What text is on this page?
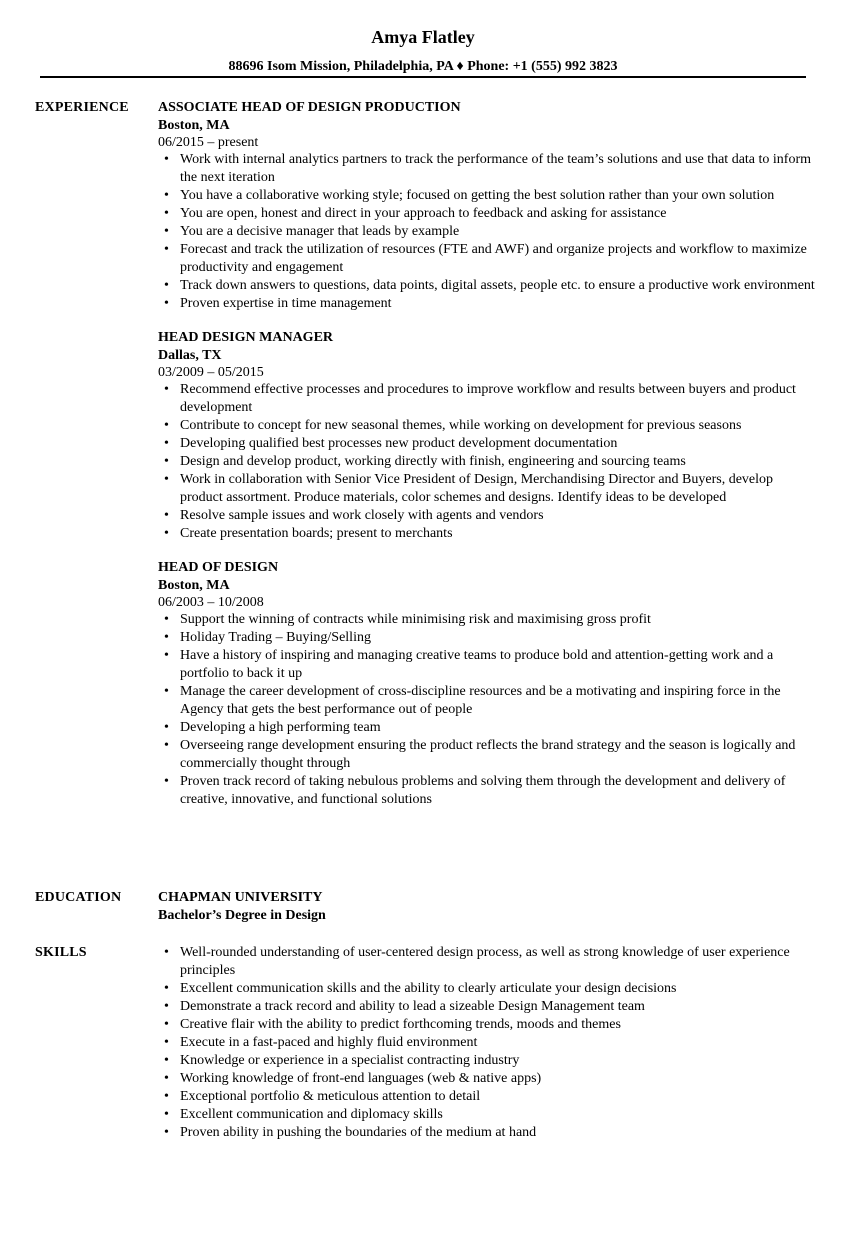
Amya Flatley
88696 Isom Mission, Philadelphia, PA ♦ Phone: +1 (555) 992 3823
EXPERIENCE ASSOCIATE HEAD OF DESIGN PRODUCTION
Boston, MA
06/2015 – present
• Work with internal analytics partners to track the performance of the team’s solutions and use that data to inform the next iteration
• You have a collaborative working style; focused on getting the best solution rather than your own solution
• You are open, honest and direct in your approach to feedback and asking for assistance
• You are a decisive manager that leads by example
• Forecast and track the utilization of resources (FTE and AWF) and organize projects and workflow to maximize productivity and engagement
• Track down answers to questions, data points, digital assets, people etc. to ensure a productive work environment
• Proven expertise in time management
HEAD DESIGN MANAGER
Dallas, TX
03/2009 – 05/2015
• Recommend effective processes and procedures to improve workflow and results between buyers and product development
• Contribute to concept for new seasonal themes, while working on development for previous seasons
• Developing qualified best processes new product development documentation
• Design and develop product, working directly with finish, engineering and sourcing teams
• Work in collaboration with Senior Vice President of Design, Merchandising Director and Buyers, develop product assortment. Produce materials, color schemes and designs. Identify ideas to be developed
• Resolve sample issues and work closely with agents and vendors
• Create presentation boards; present to merchants
HEAD OF DESIGN
Boston, MA
06/2003 – 10/2008
• Support the winning of contracts while minimising risk and maximising gross profit
• Holiday Trading – Buying/Selling
• Have a history of inspiring and managing creative teams to produce bold and attention-getting work and a portfolio to back it up
• Manage the career development of cross-discipline resources and be a motivating and inspiring force in the Agency that gets the best performance out of people
• Developing a high performing team
• Overseeing range development ensuring the product reflects the brand strategy and the season is logically and commercially thought through
• Proven track record of taking nebulous problems and solving them through the development and delivery of creative, innovative, and functional solutions
EDUCATION	CHAPMAN UNIVERSITY
Bachelor’s Degree in Design
SKILLS
•	Well-rounded understanding of user-centered design process, as well as strong knowledge of user experience principles
• Excellent communication skills and the ability to clearly articulate your design decisions
• Demonstrate a track record and ability to lead a sizeable Design Management team
• Creative flair with the ability to predict forthcoming trends, moods and themes
• Execute in a fast-paced and highly fluid environment
• Knowledge or experience in a specialist contracting industry
• Working knowledge of front-end languages (web & native apps)
• Exceptional portfolio & meticulous attention to detail
• Excellent communication and diplomacy skills
• Proven ability in pushing the boundaries of the medium at hand
